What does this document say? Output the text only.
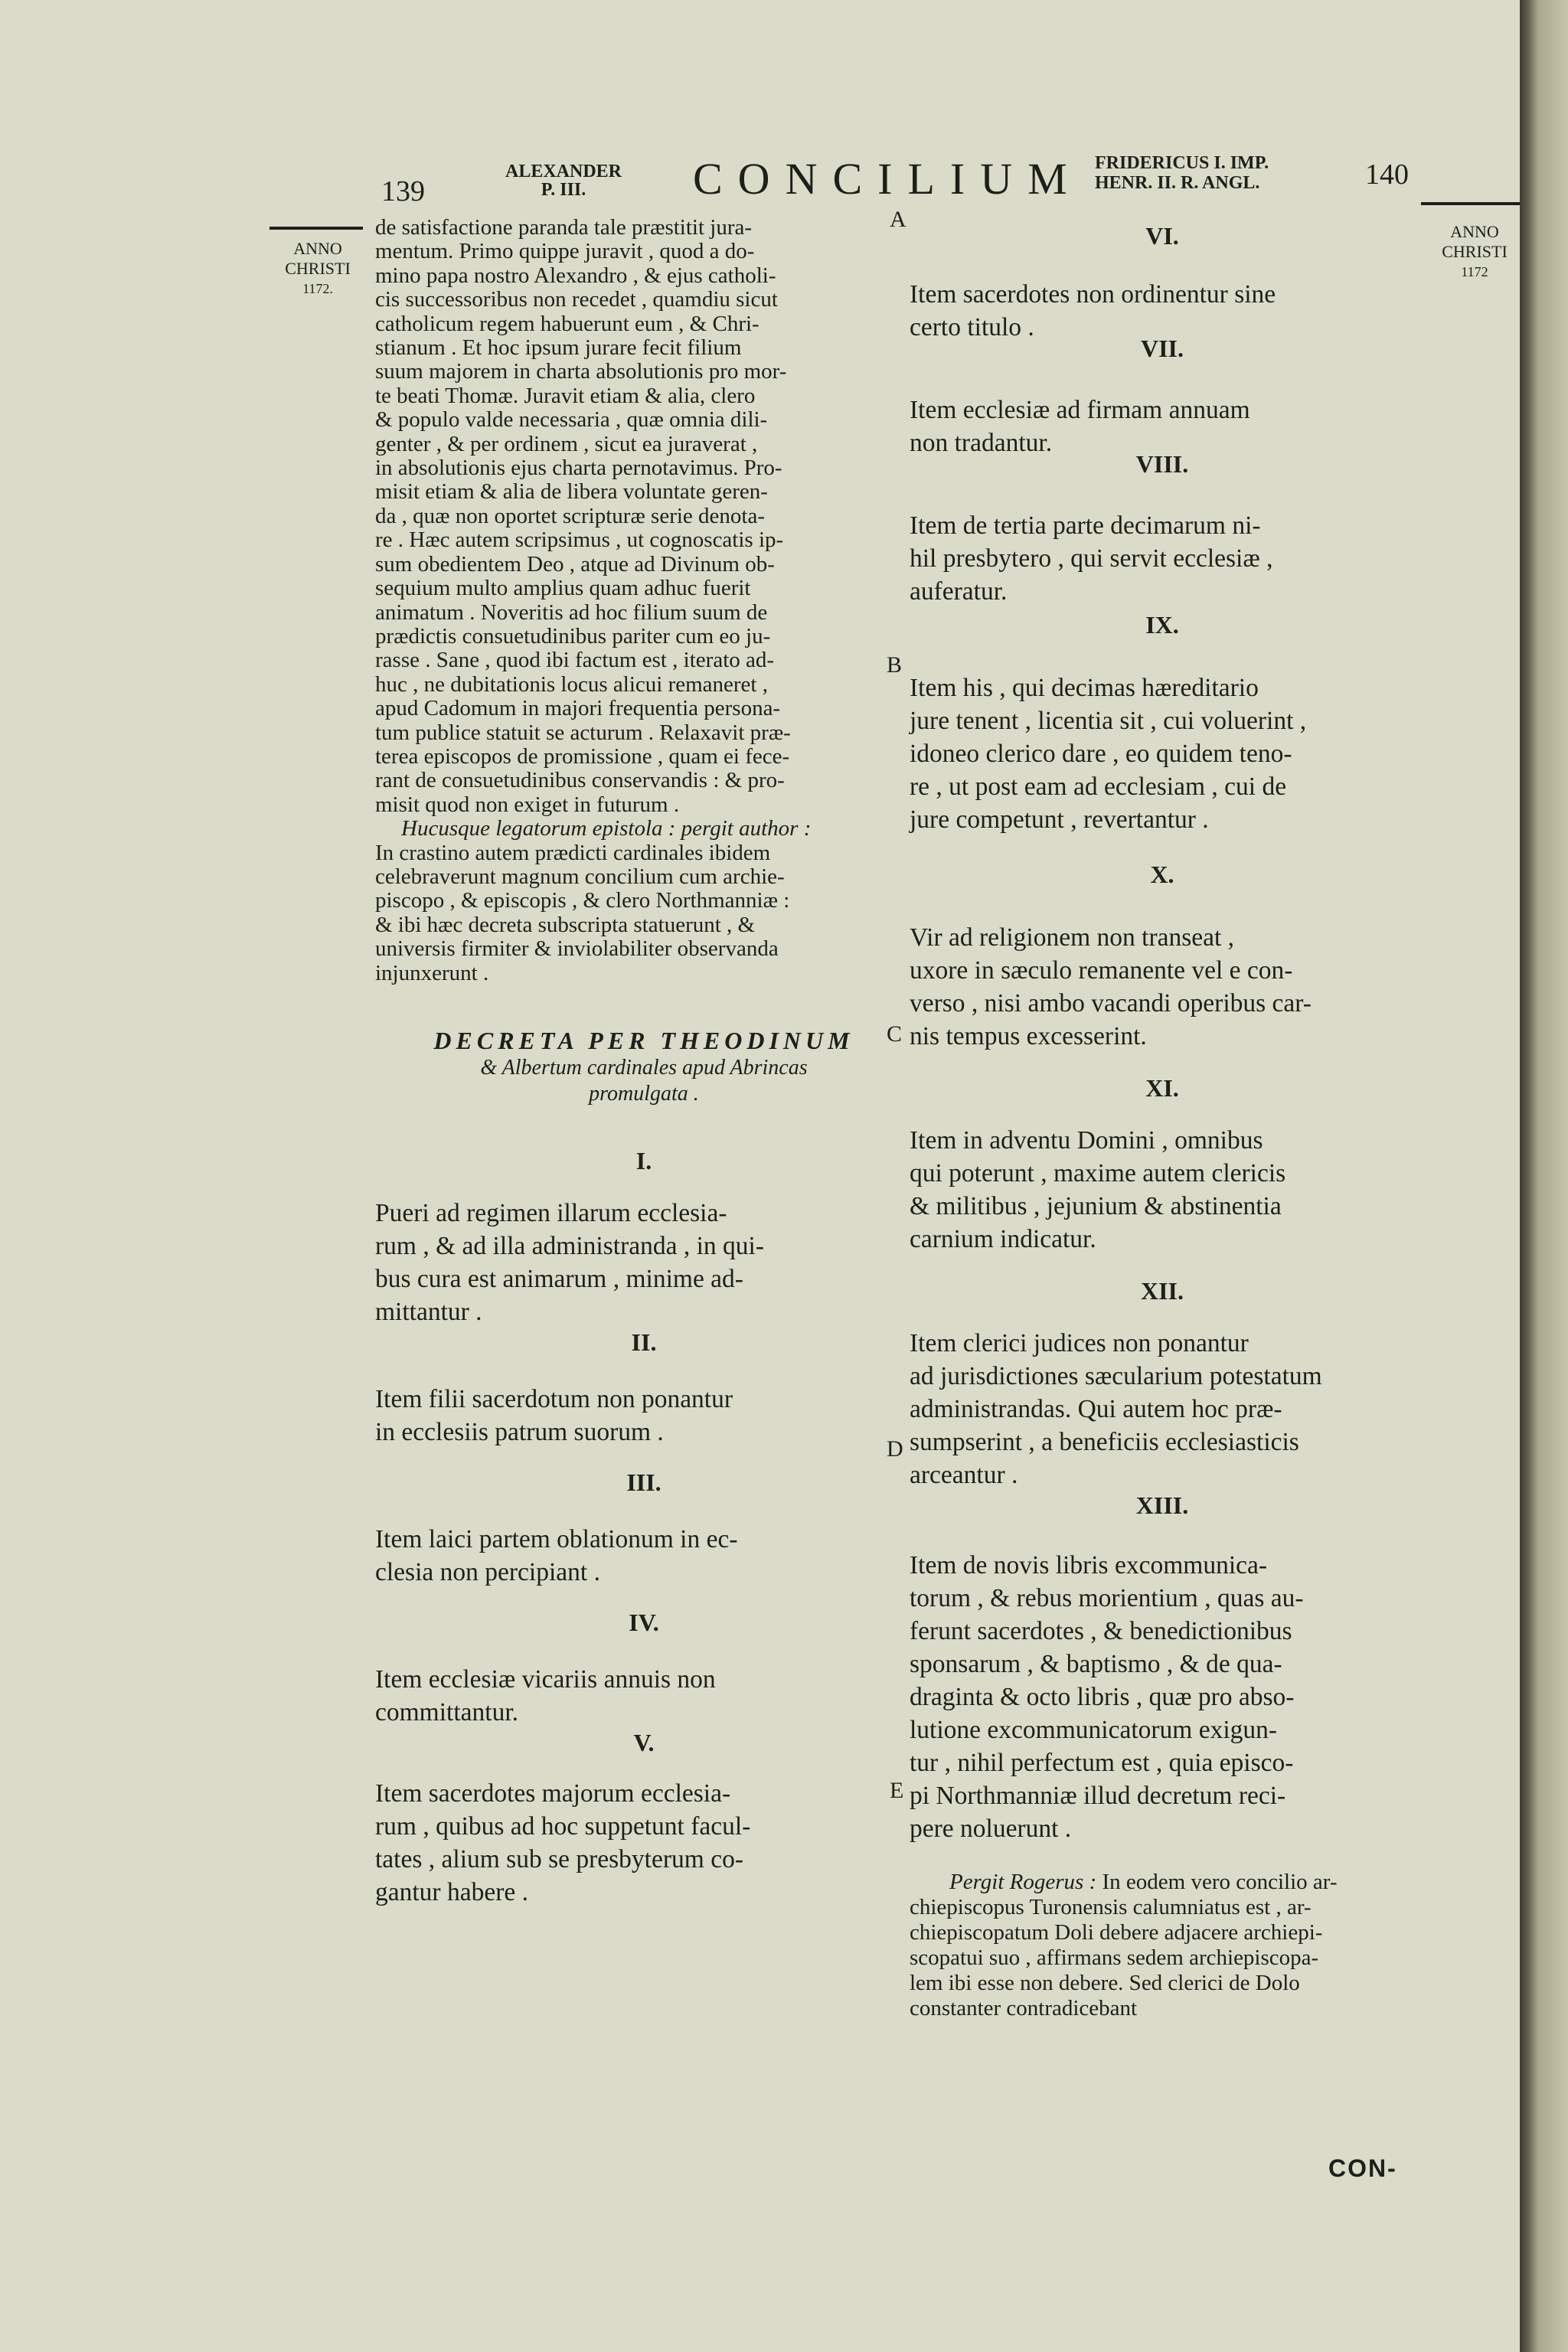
139
ALEXANDER
P. III.	CONCILIUM FRIDERICUS I. IMP.
HENR. II. R. ANGL.	140
ANNO
CHRISTI
1172.
ANNO
CHRISTI
1172
A
B
C
D
E
de satisfactione paranda tale præstitit jura-
mentum. Primo quippe juravit , quod a do-
mino papa nostro Alexandro , & ejus catholi-
cis successoribus non recedet , quamdiu sicut
catholicum regem habuerunt eum , & Chri-
stianum . Et hoc ipsum jurare fecit filium
suum majorem in charta absolutionis pro mor-
te beati Thomæ. Juravit etiam & alia, clero
& populo valde necessaria , quæ omnia dili-
genter , & per ordinem , sicut ea juraverat ,
in absolutionis ejus charta pernotavimus. Pro-
misit etiam & alia de libera voluntate geren-
da , quæ non oportet scripturæ serie denota-
re . Hæc autem scripsimus , ut cognoscatis ip-
sum obedientem Deo , atque ad Divinum ob-
sequium multo amplius quam adhuc fuerit
animatum . Noveritis ad hoc filium suum de
prædictis consuetudinibus pariter cum eo ju-
rasse . Sane , quod ibi factum est , iterato ad-
huc , ne dubitationis locus alicui remaneret ,
apud Cadomum in majori frequentia persona-
tum publice statuit se acturum . Relaxavit præ-
terea episcopos de promissione , quam ei fece-
rant de consuetudinibus conservandis : & pro-
misit quod non exiget in futurum .
Hucusque legatorum epistola : pergit author :
In crastino autem prædicti cardinales ibidem
celebraverunt magnum concilium cum archie-
piscopo , & episcopis , & clero Northmanniæ :
& ibi hæc decreta subscripta statuerunt , &
universis firmiter & inviolabiliter observanda
injunxerunt .
DECRETA PER THEODINUM
& Albertum cardinales apud Abrincas
promulgata .
I.
Pueri ad regimen illarum ecclesia-
rum , & ad illa administranda , in qui-
bus cura est animarum , minime ad-
mittantur .
II.
Item filii sacerdotum non ponantur
in ecclesiis patrum suorum .
III.
Item laici partem oblationum in ec-
clesia non percipiant .
IV.
Item ecclesiæ vicariis annuis non
committantur.
V.
Item sacerdotes majorum ecclesia-
rum , quibus ad hoc suppetunt facul-
tates , alium sub se presbyterum co-
gantur habere .
VI.
Item sacerdotes non ordinentur sine
certo titulo .
VII.
Item ecclesiæ ad firmam annuam
non tradantur.
VIII.
Item de tertia parte decimarum ni-
hil presbytero , qui servit ecclesiæ ,
auferatur.
IX.
Item his , qui decimas hæreditario
jure tenent , licentia sit , cui voluerint ,
idoneo clerico dare , eo quidem teno-
re , ut post eam ad ecclesiam , cui de
jure competunt , revertantur .
X.
Vir ad religionem non transeat ,
uxore in sæculo remanente vel e con-
verso , nisi ambo vacandi operibus car-
nis tempus excesserint.
XI.
Item in adventu Domini , omnibus
qui poterunt , maxime autem clericis
& militibus , jejunium & abstinentia
carnium indicatur.
XII.
Item clerici judices non ponantur
ad jurisdictiones sæcularium potestatum
administrandas. Qui autem hoc præ-
sumpserint , a beneficiis ecclesiasticis
arceantur .
XIII.
Item de novis libris excommunica-
torum , & rebus morientium , quas au-
ferunt sacerdotes , & benedictionibus
sponsarum , & baptismo , & de qua-
draginta & octo libris , quæ pro abso-
lutione excommunicatorum exigun-
tur , nihil perfectum est , quia episco-
pi Northmanniæ illud decretum reci-
pere noluerunt .
Pergit Rogerus : In eodem vero concilio ar-
chiepiscopus Turonensis calumniatus est , ar-
chiepiscopatum Doli debere adjacere archiepi-
scopatui suo , affirmans sedem archiepiscopa-
lem ibi esse non debere. Sed clerici de Dolo
constanter contradicebant
CON-
